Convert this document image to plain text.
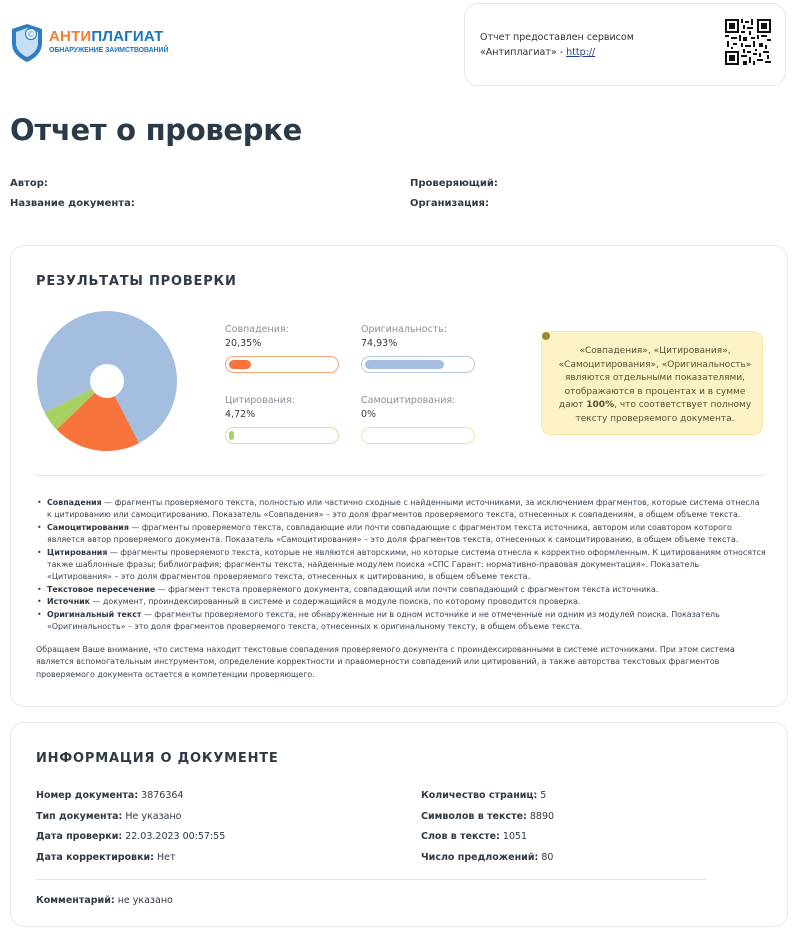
© АНТИПЛАГИАТ
ОБНАРУЖЕНИЕ ЗАИМСТВОВАНИЙ
Отчет предоставлен сервисом
«Антиплагиат» - http://
Отчет о проверке
Автор:
Название документа:
Проверяющий:
Организация:
РЕЗУЛЬТАТЫ ПРОВЕРКИ
Совпадения:
20,35%
Оригинальность:
74,93%
Цитирования:
4,72%
Самоцитирования:
0%
«Совпадения», «Цитирования», «Самоцитирования», «Оригинальность» являются отдельными показателями, отображаются в процентах и в сумме дают 100%, что соответствует полному тексту проверяемого документа.
• Совпадения — фрагменты проверяемого текста, полностью или частично сходные с найденными источниками, за исключением фрагментов, которые система отнесла к цитированию или самоцитированию. Показатель «Совпадения» – это доля фрагментов проверяемого текста, отнесенных к совпадениям, в общем объеме текста.
• Самоцитирования — фрагменты проверяемого текста, совпадающие или почти совпадающие с фрагментом текста источника, автором или соавтором которого является автор проверяемого документа. Показатель «Самоцитирования» – это доля фрагментов текста, отнесенных к самоцитированию, в общем объеме текста.
• Цитирования — фрагменты проверяемого текста, которые не являются авторскими, но которые система отнесла к корректно оформленным. К цитированиям относятся также шаблонные фразы; библиография; фрагменты текста, найденные модулем поиска «СПС Гарант: нормативно-правовая документация». Показатель «Цитирования» – это доля фрагментов проверяемого текста, отнесенных к цитированию, в общем объеме текста.
• Текстовое пересечение — фрагмент текста проверяемого документа, совпадающий или почти совпадающий с фрагментом текста источника.
• Источник — документ, проиндексированный в системе и содержащийся в модуле поиска, по которому проводится проверка.
• Оригинальный текст — фрагменты проверяемого текста, не обнаруженные ни в одном источнике и не отмеченные ни одним из модулей поиска. Показатель «Оригинальность» – это доля фрагментов проверяемого текста, отнесенных к оригинальному тексту, в общем объеме текста.
Обращаем Ваше внимание, что система находит текстовые совпадения проверяемого документа с проиндексированными в системе источниками. При этом система является вспомогательным инструментом, определение корректности и правомерности совпадений или цитирований, а также авторства текстовых фрагментов проверяемого документа остается в компетенции проверяющего.
ИНФОРМАЦИЯ О ДОКУМЕНТЕ
Номер документа: 3876364
Тип документа: Не указано
Дата проверки: 22.03.2023 00:57:55
Дата корректировки: Нет
Количество страниц: 5
Символов в тексте: 8890
Слов в тексте: 1051
Число предложений: 80
Комментарий: не указано
